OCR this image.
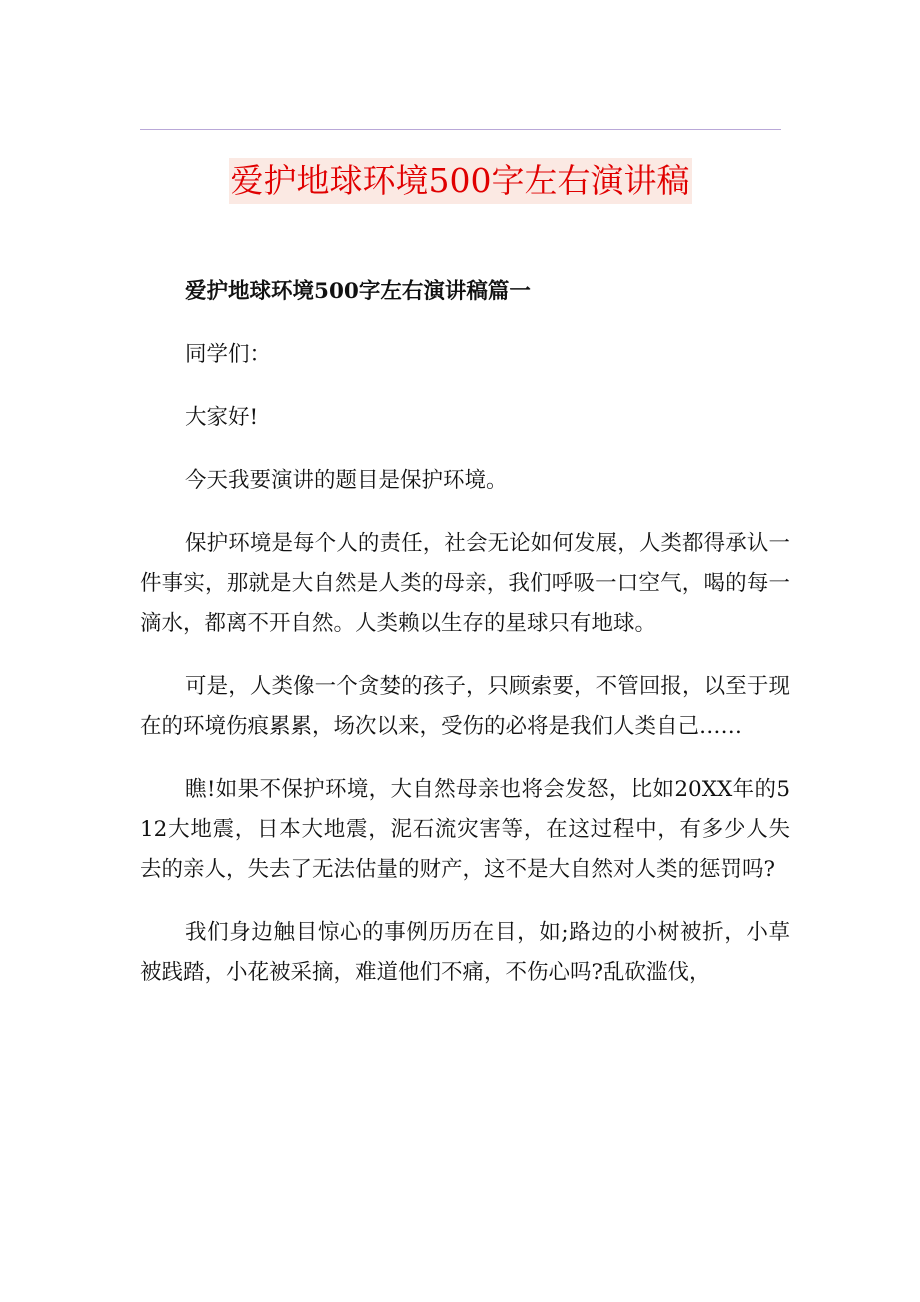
爱护地球环境500字左右演讲稿

爱护地球环境500字左右演讲稿篇一

同学们：

大家好!

今天我要演讲的题目是保护环境。

保护环境是每个人的责任，社会无论如何发展，人类都得承认一件事实，那就是大自然是人类的母亲，我们呼吸一口空气，喝的每一滴水，都离不开自然。人类赖以生存的星球只有地球。

可是，人类像一个贪婪的孩子，只顾索要，不管回报，以至于现在的环境伤痕累累，场次以来，受伤的必将是我们人类自己……

瞧!如果不保护环境，大自然母亲也将会发怒，比如20XX年的512大地震，日本大地震，泥石流灾害等，在这过程中，有多少人失去的亲人，失去了无法估量的财产，这不是大自然对人类的惩罚吗?

我们身边触目惊心的事例历历在目，如;路边的小树被折，小草被践踏，小花被采摘，难道他们不痛，不伤心吗?乱砍滥伐，
